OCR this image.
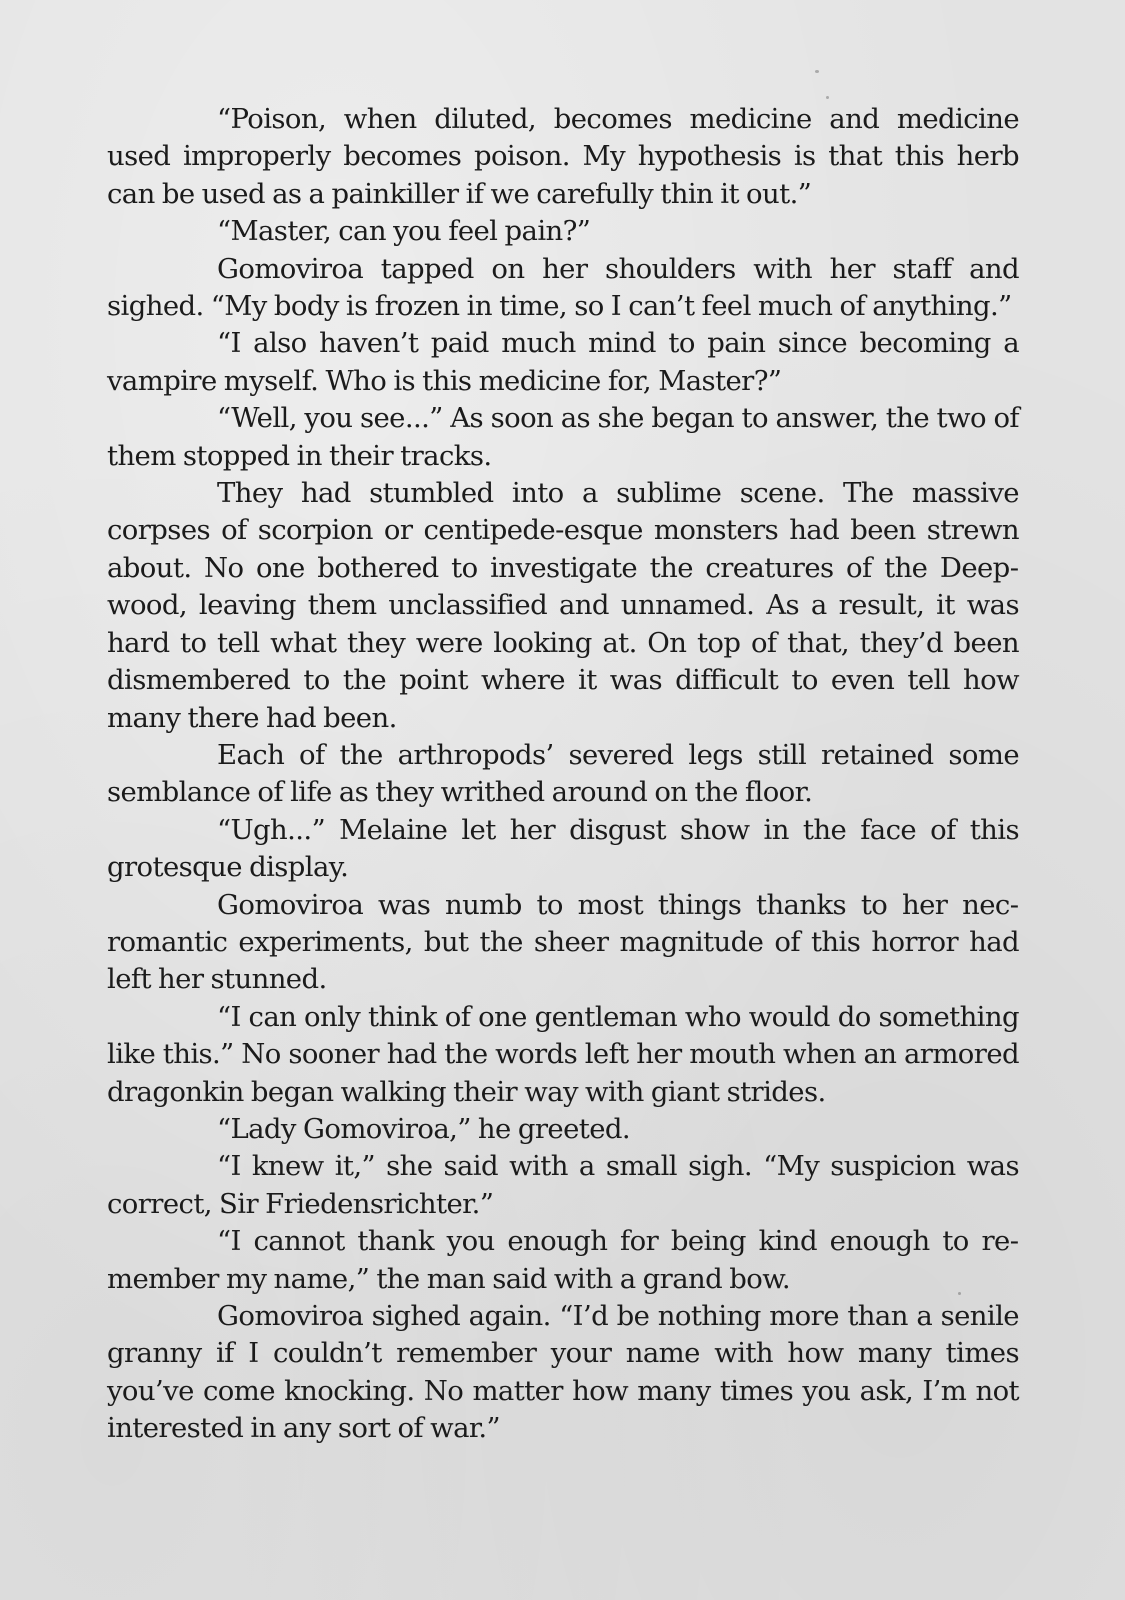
“Poison, when diluted, becomes medicine and medicine used improperly becomes poison. My hypothesis is that this herb can be used as a painkiller if we carefully thin it out.”

“Master, can you feel pain?”

Gomoviroa tapped on her shoulders with her staff and sighed. “My body is frozen in time, so I can’t feel much of anything.”

“I also haven’t paid much mind to pain since becoming a vampire myself. Who is this medicine for, Master?”

“Well, you see...” As soon as she began to answer, the two of them stopped in their tracks.

They had stumbled into a sublime scene. The massive corpses of scorpion or centipede-esque monsters had been strewn about. No one bothered to investigate the creatures of the Deepwood, leaving them unclassified and unnamed. As a result, it was hard to tell what they were looking at. On top of that, they’d been dismembered to the point where it was difficult to even tell how many there had been.

Each of the arthropods’ severed legs still retained some semblance of life as they writhed around on the floor.

“Ugh...” Melaine let her disgust show in the face of this grotesque display.

Gomoviroa was numb to most things thanks to her necromantic experiments, but the sheer magnitude of this horror had left her stunned.

“I can only think of one gentleman who would do something like this.” No sooner had the words left her mouth when an armored dragonkin began walking their way with giant strides.

“Lady Gomoviroa,” he greeted.

“I knew it,” she said with a small sigh. “My suspicion was correct, Sir Friedensrichter.”

“I cannot thank you enough for being kind enough to remember my name,” the man said with a grand bow.

Gomoviroa sighed again. “I’d be nothing more than a senile granny if I couldn’t remember your name with how many times you’ve come knocking. No matter how many times you ask, I’m not interested in any sort of war.”
